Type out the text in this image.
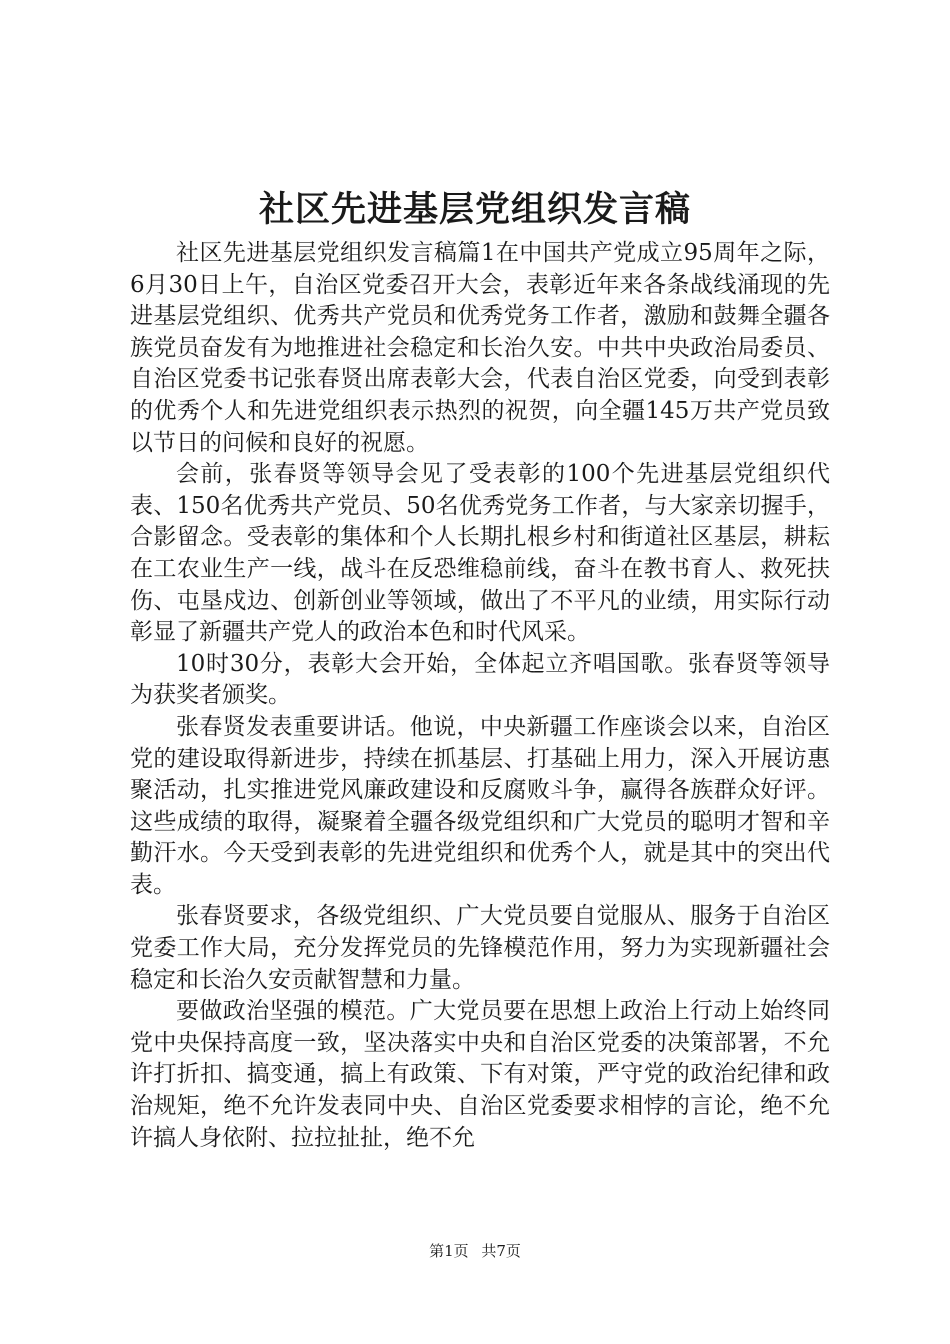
社区先进基层党组织发言稿

社区先进基层党组织发言稿篇1在中国共产党成立95周年之际，6月30日上午，自治区党委召开大会，表彰近年来各条战线涌现的先进基层党组织、优秀共产党员和优秀党务工作者，激励和鼓舞全疆各族党员奋发有为地推进社会稳定和长治久安。中共中央政治局委员、自治区党委书记张春贤出席表彰大会，代表自治区党委，向受到表彰的优秀个人和先进党组织表示热烈的祝贺，向全疆145万共产党员致以节日的问候和良好的祝愿。

会前，张春贤等领导会见了受表彰的100个先进基层党组织代表、150名优秀共产党员、50名优秀党务工作者，与大家亲切握手，合影留念。受表彰的集体和个人长期扎根乡村和街道社区基层，耕耘在工农业生产一线，战斗在反恐维稳前线，奋斗在教书育人、救死扶伤、屯垦戍边、创新创业等领域，做出了不平凡的业绩，用实际行动彰显了新疆共产党人的政治本色和时代风采。

10时30分，表彰大会开始，全体起立齐唱国歌。张春贤等领导为获奖者颁奖。

张春贤发表重要讲话。他说，中央新疆工作座谈会以来，自治区党的建设取得新进步，持续在抓基层、打基础上用力，深入开展访惠聚活动，扎实推进党风廉政建设和反腐败斗争，赢得各族群众好评。这些成绩的取得，凝聚着全疆各级党组织和广大党员的聪明才智和辛勤汗水。今天受到表彰的先进党组织和优秀个人，就是其中的突出代表。

张春贤要求，各级党组织、广大党员要自觉服从、服务于自治区党委工作大局，充分发挥党员的先锋模范作用，努力为实现新疆社会稳定和长治久安贡献智慧和力量。

要做政治坚强的模范。广大党员要在思想上政治上行动上始终同党中央保持高度一致，坚决落实中央和自治区党委的决策部署，不允许打折扣、搞变通，搞上有政策、下有对策，严守党的政治纪律和政治规矩，绝不允许发表同中央、自治区党委要求相悖的言论，绝不允许搞人身依附、拉拉扯扯，绝不允

第1页 共7页
